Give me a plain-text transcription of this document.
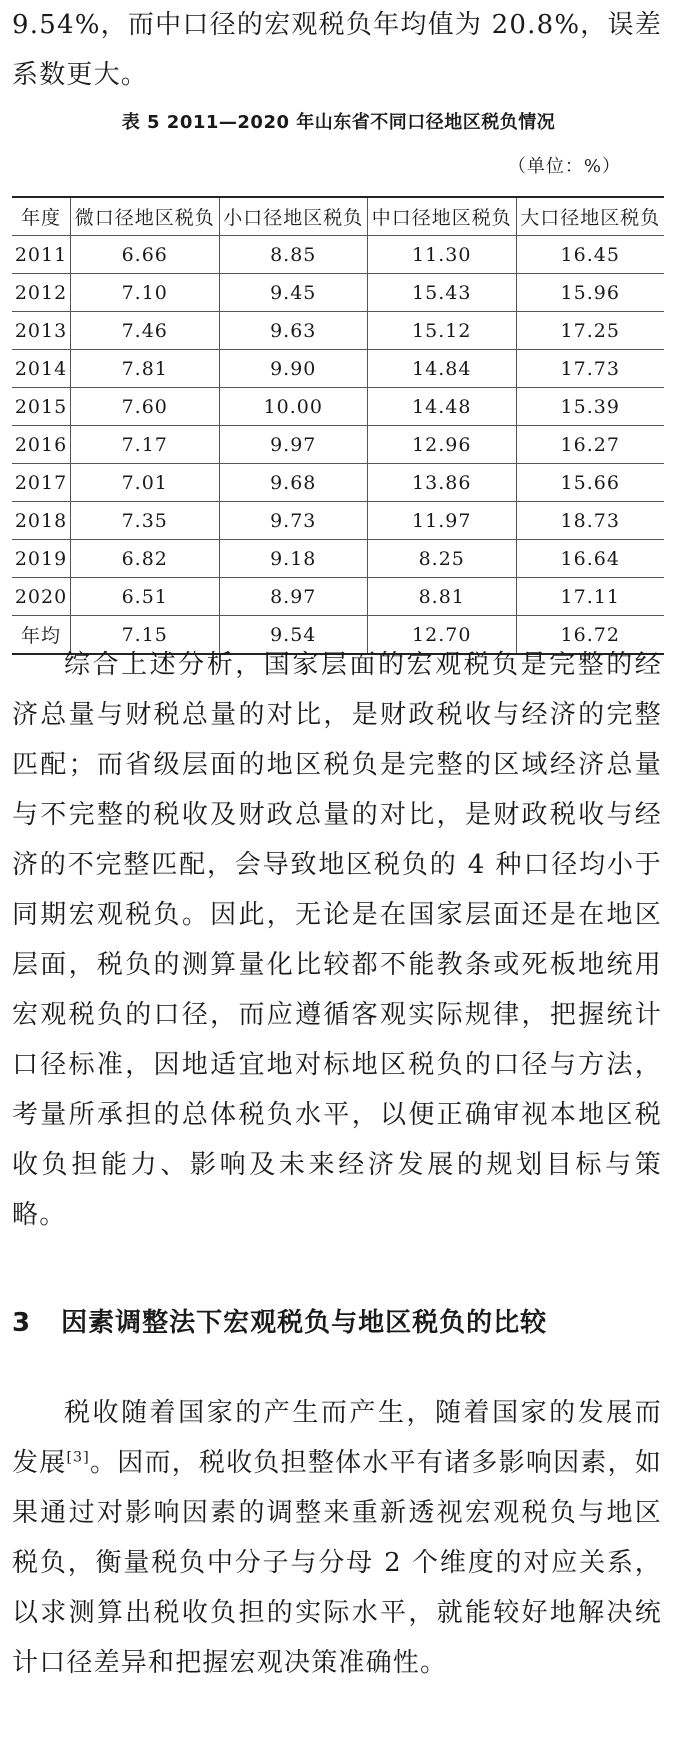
9.54%，而中口径的宏观税负年均值为 20.8%，误差系数更大。

表 5 2011—2020 年山东省不同口径地区税负情况
（单位：%）
年度	微口径地区税负	小口径地区税负	中口径地区税负	大口径地区税负
2011	6.66	8.85	11.30	16.45
2012	7.10	9.45	15.43	15.96
2013	7.46	9.63	15.12	17.25
2014	7.81	9.90	14.84	17.73
2015	7.60	10.00	14.48	15.39
2016	7.17	9.97	12.96	16.27
2017	7.01	9.68	13.86	15.66
2018	7.35	9.73	11.97	18.73
2019	6.82	9.18	8.25	16.64
2020	6.51	8.97	8.81	17.11
年均	7.15	9.54	12.70	16.72

综合上述分析，国家层面的宏观税负是完整的经济总量与财税总量的对比，是财政税收与经济的完整匹配；而省级层面的地区税负是完整的区域经济总量与不完整的税收及财政总量的对比，是财政税收与经济的不完整匹配，会导致地区税负的 4 种口径均小于同期宏观税负。因此，无论是在国家层面还是在地区层面，税负的测算量化比较都不能教条或死板地统用宏观税负的口径，而应遵循客观实际规律，把握统计口径标准，因地适宜地对标地区税负的口径与方法，考量所承担的总体税负水平，以便正确审视本地区税收负担能力、影响及未来经济发展的规划目标与策略。

3 因素调整法下宏观税负与地区税负的比较

税收随着国家的产生而产生，随着国家的发展而发展[3]。因而，税收负担整体水平有诸多影响因素，如果通过对影响因素的调整来重新透视宏观税负与地区税负，衡量税负中分子与分母 2 个维度的对应关系，以求测算出税收负担的实际水平，就能较好地解决统计口径差异和把握宏观决策准确性。
